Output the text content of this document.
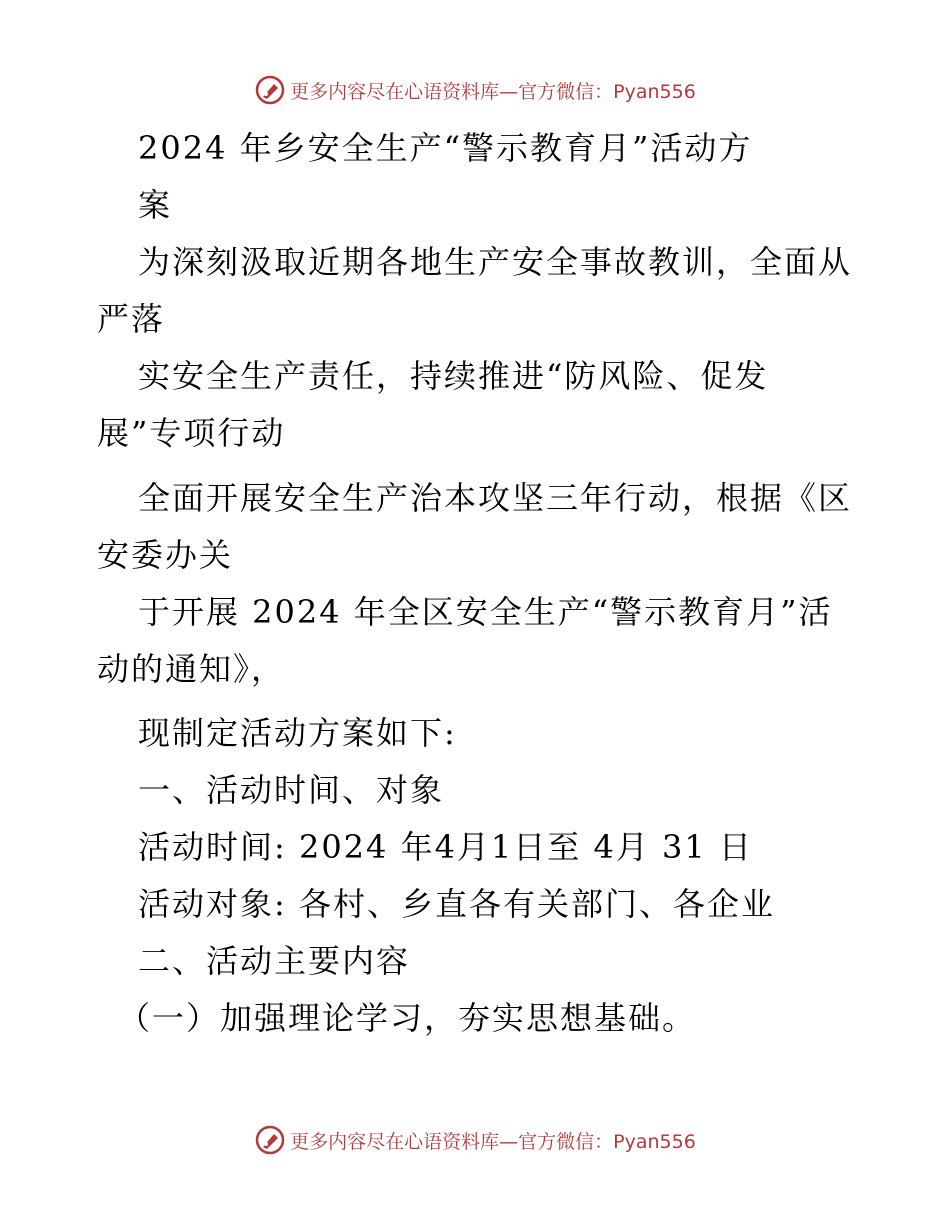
更多内容尽在心语资料库—官方微信：Pyan556
2024 年乡安全生产“警示教育月”活动方
案
为深刻汲取近期各地生产安全事故教训，全面从
严落
实安全生产责任，持续推进“防风险、促发
展”专项行动
全面开展安全生产治本攻坚三年行动，根据《区
安委办关
于开展 2024 年全区安全生产“警示教育月”活
动的通知》，
现制定活动方案如下:
一、活动时间、对象
活动时间: 2024 年4月1日至 4月 31 日
活动对象: 各村、乡直各有关部门、各企业
二、活动主要内容
（一）加强理论学习，夯实思想基础。
更多内容尽在心语资料库—官方微信：Pyan556
